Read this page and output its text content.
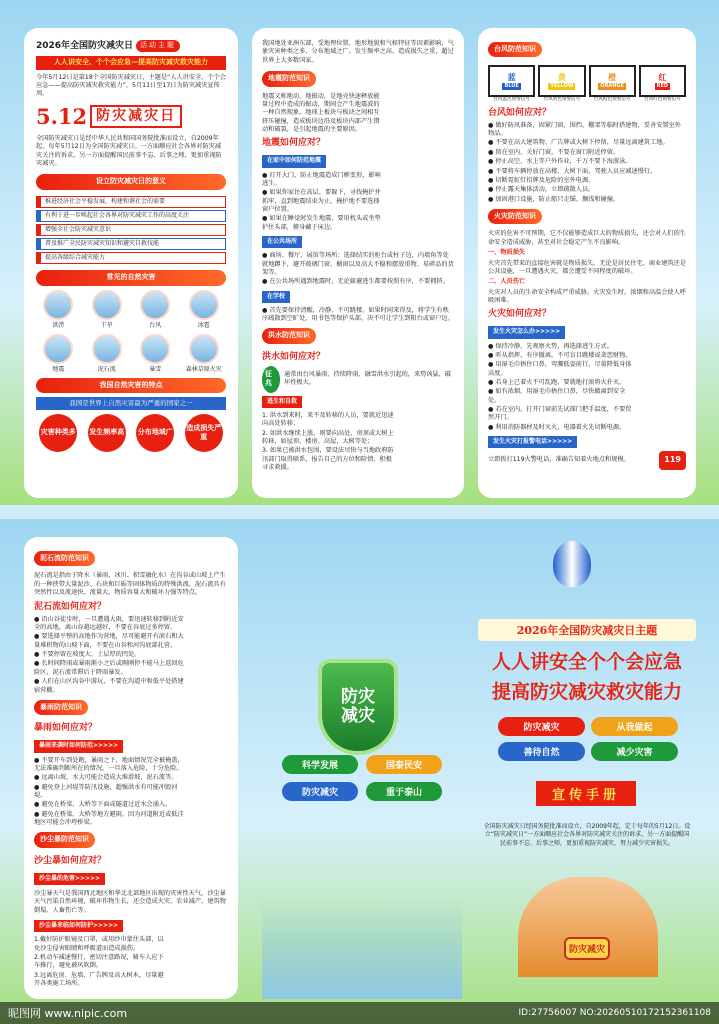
2026年全国防灾减灾日	活动主题
人人讲安全、个个会应急—提高防灾减灾救灾能力

今年5月12日是第18个全国防灾减灾日，主题是“人人讲安全、个个会应急——提高防灾减灾救灾能力”，5月11日至17日为防灾减灾宣传周。

5.12 防灾减灾日

全国防灾减灾日是经中华人民共和国国务院批准而设立，自2009年起，每年5月12日为全国防灾减灾日。一方面顺应社会各界对防灾减灾关注的诉求，另一方面提醒国民前事不忘、后事之师，更加重视防灾减灾。

设立防灾减灾日的意义
推进经济社会平稳发展，构建和谐社会的需要
有利于进一步唤起社会各界对防灾减灾工作的高度关注
增强全社会防灾减灾意识
普及推广全民防灾减灾知识和避灾自救技能
提高各级综合减灾能力
常见的自然灾害
洪涝	干旱	台风	冰雹
地震	泥石流	暴雪	森林草原火灾
我国自然灾害的特点
我国是世界上自然灾害最为严重的国家之一
灾害种类多 发生频率高 分布地域广
造成损失严重

我国地处亚洲东部，受地理位置、地形地貌和气候特征等因素影响，气象灾害种类之多、分布地域之广、发生频率之高、造成损失之重，超过世界上大多数国家。

地震防范知识

地震又称地动、地振动，是地壳快速释放能量过程中造成的振动，期间会产生地震波的一种自然现象。地球上板块与板块之间相互挤压碰撞，造成板块边沿及板块内部产生错动和破裂，是引起地震的主要原因。

地震如何应对？
在家中如何防范地震
● 打开大门，防止地震造成门框变形，影响逃生。
● 如果你家住在高层，要躲下，寻找掩护并抓牢，直到地震结束为止。掩护地不要选择窗户位置。
● 如果在睡觉时发生地震，要用枕头或坐垫护住头部，俯身藏于床边。
在公共场所
● 商场、餐厅、展馆等场所：选择结实的柜台或柱子边，内墙角等处就地蹲下，避开玻璃门窗、橱窗以及高大不稳和摆放重物、易碎品的货架等。
● 在公共场所遇到地震时，无论躲避逃生都要按照有序，不要拥挤。
在学校
● 首先要保持清醒，冷静，不可跳楼。如果时间来得及，将学生有秩序疏散到空旷处，用书包等保护头部，决不可让学生到阳台或窗户边。
洪水防范知识
洪水如何应对？
征兆
通常由台风暴雨、持续降雨、融雪洪水引起的，来势凶猛，破坏性极大。
逃生和自救
1. 洪水到来时，来不及转移的人员，要就近迅速向高处转移；
2. 如洪水继续上涨，则要向高处、房顶或大树上转移，如屋顶、楼房、高屋、大树等处；
3. 如果已被洪水包围，要设法尽快与当地政府防汛部门取得联系，报告自己的方位和险情，积极寻求救援。
台风防范知识
蓝
BLUE
台风蓝色预警信号
黄
YELLOW
台风黄色预警信号
橙
ORANGE
台风橙色预警信号
红
RED
台风红色预警信号
台风如何应对？
● 做好防风准备，固紧门窗，围挡，棚架等临时搭建物，妥善安置室外物品。
● 不要在高大建筑物、广告牌或大树下停留，尽量远离建筑工地。
● 留在室内，关好门窗，不要在窗口附近停留。
● 停止高空、水上等户外作业，千万不要下海游泳。
● 不要将车辆停放在高楼、大树下面，驾驶人员应减速慢行。
● 切断霓虹灯招牌及危险的室外电源。
● 停止露天集体活动，立即疏散人员。
● 加固港口设施，防止船只走锚、搁浅和碰撞。
火灾防范知识

火灾的危害不可预期，它不仅能够造成巨大的物质损失，还会对人们的生命安全造成威胁，甚至对社会稳定产生不良影响。

一、物质损失

火灾首先带来的直接危害就是物质损失。无论是居民住宅、商业建筑还是公共设施，一旦遭遇火灾，都会遭受不同程度的破坏。

二、人员伤亡

火灾对人员的生命安全构成严重威胁。火灾发生时，浓烟和高温会使人呼吸困难。

火灾如何应对？
发生火灾怎么办>>>>>
● 保持冷静，先观察火势，再选择逃生方式。
● 听从指挥，有序撤离，不可盲目跳楼或贪恋财物。
● 用湿毛巾捂住口鼻，弯腰低姿前行，尽量降低身体高度。
● 若身上已着火不可乱跑，要就地打滚将火扑灭。
● 如有浓烟，用湿毛巾捂住口鼻，尽快撤离到安全处。
● 若在室内，打开门窗前先试探门把手温度，不要贸然开门。
● 利用消防器材及时灭火，电器着火先切断电源。
发生火灾打报警电话>>>>>
立即拨打119火警电话，准确告知着火地点和规模。	119
泥石流防范知识

泥石流是指由于降水（暴雨、冰川、积雪融化水）在沟谷或山坡上产生的一种挟带大量泥沙、石块和巨砾等固体物质的特殊洪流。泥石流具有突然性以及流速快、流量大、物质容量大和破坏力强等特点。

泥石流如何应对？
● 沿山谷徒步时，一旦遭遇大雨，要迅速转移到附近安全的高地，离山谷越远越好，不要在谷底过多停留。
● 要选择平整的高地作为营地，尽可能避开有滚石和大量堆积物的山坡下面，不要在山谷和河沟底部扎营。
● 不要停留在坡度大、土层厚的凹处。
● 长时间降雨或暴雨渐小之后或刚刚停不能马上返回危险区，泥石流常滞后于降雨暴发。
● 人们在山区沟谷中游玩，不要在沟道中和低平处搭建宿营棚。
暴雨防范知识
暴雨如何应对？
暴雨来袭时如何防范>>>>>
● 不要开车到处跑，暴雨之下，地面情况完全被掩盖，无法准确判断所在的情况，一旦落入危险，十分危险。
● 远离山坡，水大可能会造成大堆滑坡，泥石流等。
● 避免登上河堤等防汛设施，超强洪水有可能冲毁河堤。
● 避免在桥梁、大桥等下面或隧道过近水会涌入。
● 避免在桥梁、大桥等地方避雨，因为河道附近或低洼地区可能会冲垮桥梁。
沙尘暴防范知识
沙尘暴如何应对？
沙尘暴的危害>>>>>

沙尘暴天气是我国西北地区和华北北部地区出现的灾害性天气，沙尘暴天气污染自然环境，破坏作物生长，还会造成火灾、农业减产、建筑物倒塌、人畜伤亡等。

沙尘暴来临如何防护>>>>>
1.戴好防护眼镜及口罩，或用纱巾蒙住头部，以免沙尘侵害眼睛和呼吸道而造成损伤。
2.机动车减速慢行，密切注意路况，骑车人应下车推行，避免被风吹倒。
3.远离危房、危墙、广告牌及高大树木，尽量避开各类施工场所。
防灾减灾
科学发展	国泰民安
防灾减灾	重于泰山
2026年全国防灾减灾日主题
人人讲安全个个会应急
提高防灾减灾救灾能力
防灾减灾	从我做起
善待自然	减少灾害
宣传手册
全国防灾减灾日经国务院批准而设立，自2009年起，定于每年的5月12日。设立“防灾减灾日”一方面顺应社会各界对防灾减灾关注的诉求，另一方面提醒国民前事不忘、后事之师，更加重视防灾减灾，努力减少灾害损失。
防灾减灾
昵图网 www.nipic.com	ID:27756007 NO:20260510172152361108
